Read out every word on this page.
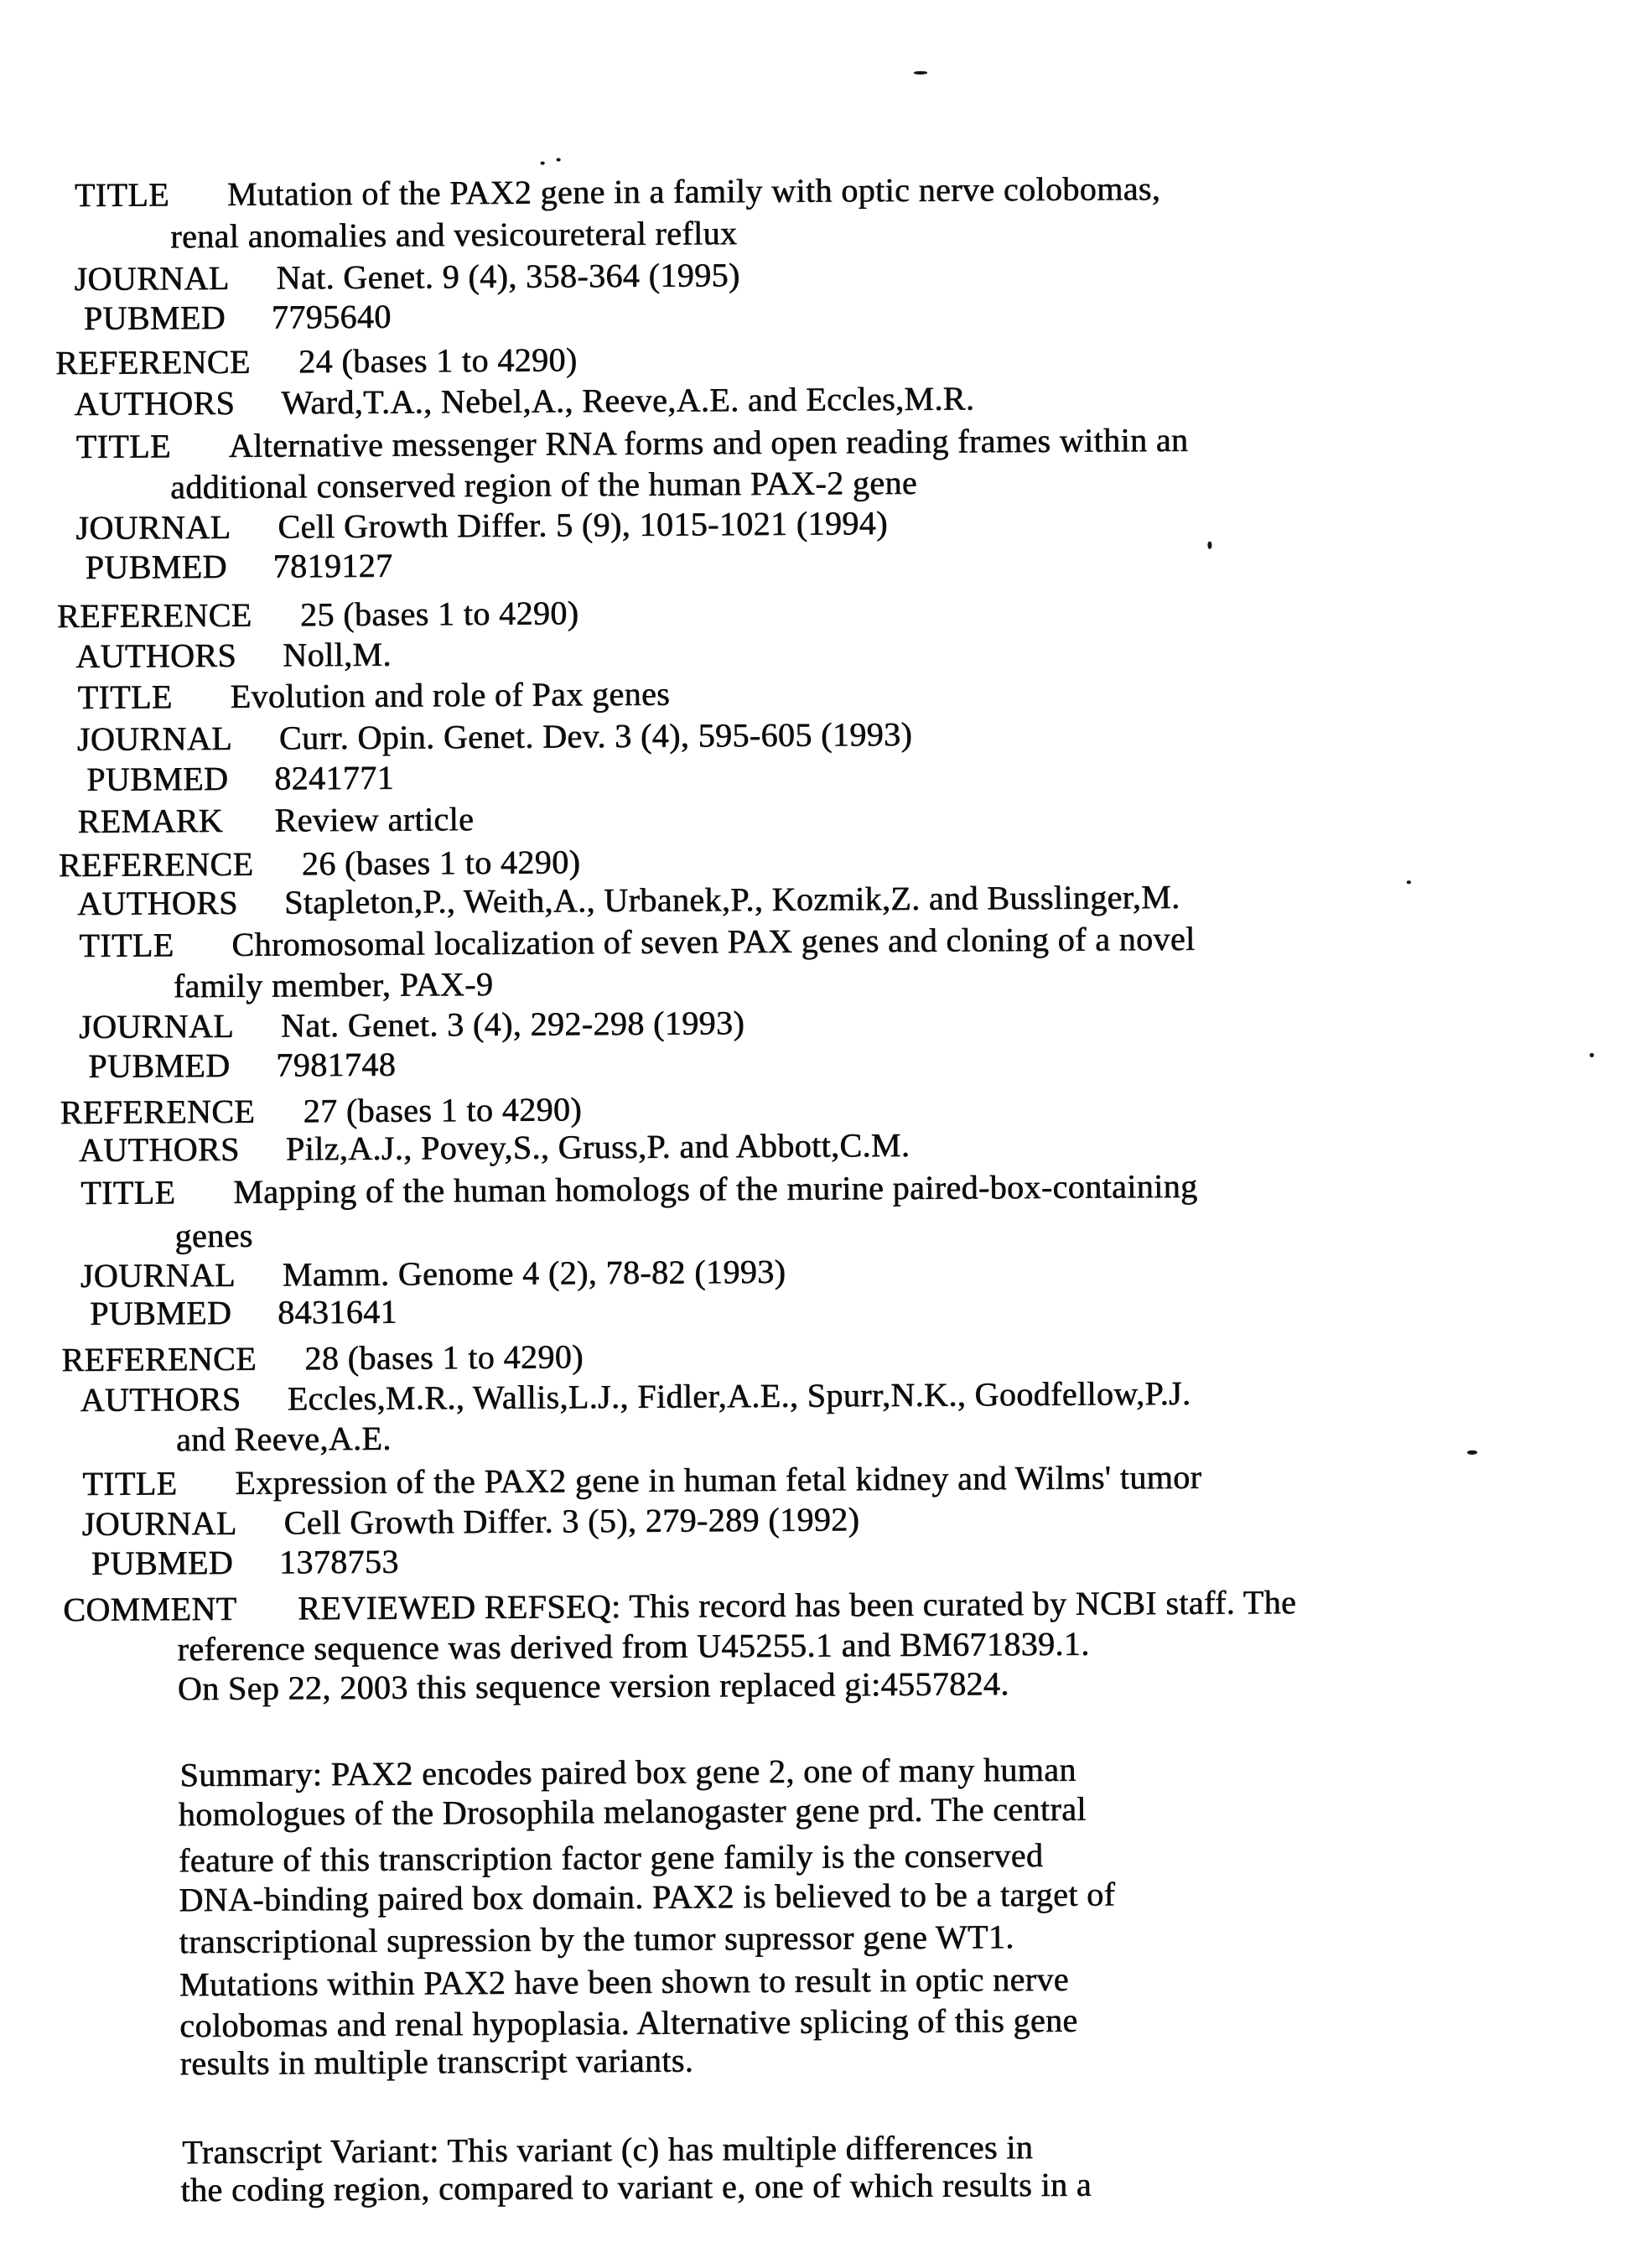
TITLE Mutation of the PAX2 gene in a family with optic nerve colobomas,
renal anomalies and vesicoureteral reflux
JOURNAL Nat. Genet. 9 (4), 358-364 (1995)
PUBMED 7795640
REFERENCE 24 (bases 1 to 4290)
AUTHORS Ward,T.A., Nebel,A., Reeve,A.E. and Eccles,M.R.
TITLE Alternative messenger RNA forms and open reading frames within an
additional conserved region of the human PAX-2 gene
JOURNAL Cell Growth Differ. 5 (9), 1015-1021 (1994)
PUBMED 7819127
REFERENCE 25 (bases 1 to 4290)
AUTHORS Noll,M.
TITLE Evolution and role of Pax genes
JOURNAL Curr. Opin. Genet. Dev. 3 (4), 595-605 (1993)
PUBMED 8241771
REMARK Review article
REFERENCE 26 (bases 1 to 4290)
AUTHORS Stapleton,P., Weith,A., Urbanek,P., Kozmik,Z. and Busslinger,M.
TITLE Chromosomal localization of seven PAX genes and cloning of a novel
family member, PAX-9
JOURNAL Nat. Genet. 3 (4), 292-298 (1993)
PUBMED 7981748
REFERENCE 27 (bases 1 to 4290)
AUTHORS Pilz,A.J., Povey,S., Gruss,P. and Abbott,C.M.
TITLE Mapping of the human homologs of the murine paired-box-containing
genes
JOURNAL Mamm. Genome 4 (2), 78-82 (1993)
PUBMED 8431641
REFERENCE 28 (bases 1 to 4290)
AUTHORS Eccles,M.R., Wallis,L.J., Fidler,A.E., Spurr,N.K., Goodfellow,P.J.
and Reeve,A.E.
TITLE Expression of the PAX2 gene in human fetal kidney and Wilms' tumor
JOURNAL Cell Growth Differ. 3 (5), 279-289 (1992)
PUBMED 1378753
COMMENT REVIEWED REFSEQ: This record has been curated by NCBI staff. The
reference sequence was derived from U45255.1 and BM671839.1.
On Sep 22, 2003 this sequence version replaced gi:4557824.
Summary: PAX2 encodes paired box gene 2, one of many human
homologues of the Drosophila melanogaster gene prd. The central
feature of this transcription factor gene family is the conserved
DNA-binding paired box domain. PAX2 is believed to be a target of
transcriptional supression by the tumor supressor gene WT1.
Mutations within PAX2 have been shown to result in optic nerve
colobomas and renal hypoplasia. Alternative splicing of this gene
results in multiple transcript variants.
Transcript Variant: This variant (c) has multiple differences in
the coding region, compared to variant e, one of which results in a
